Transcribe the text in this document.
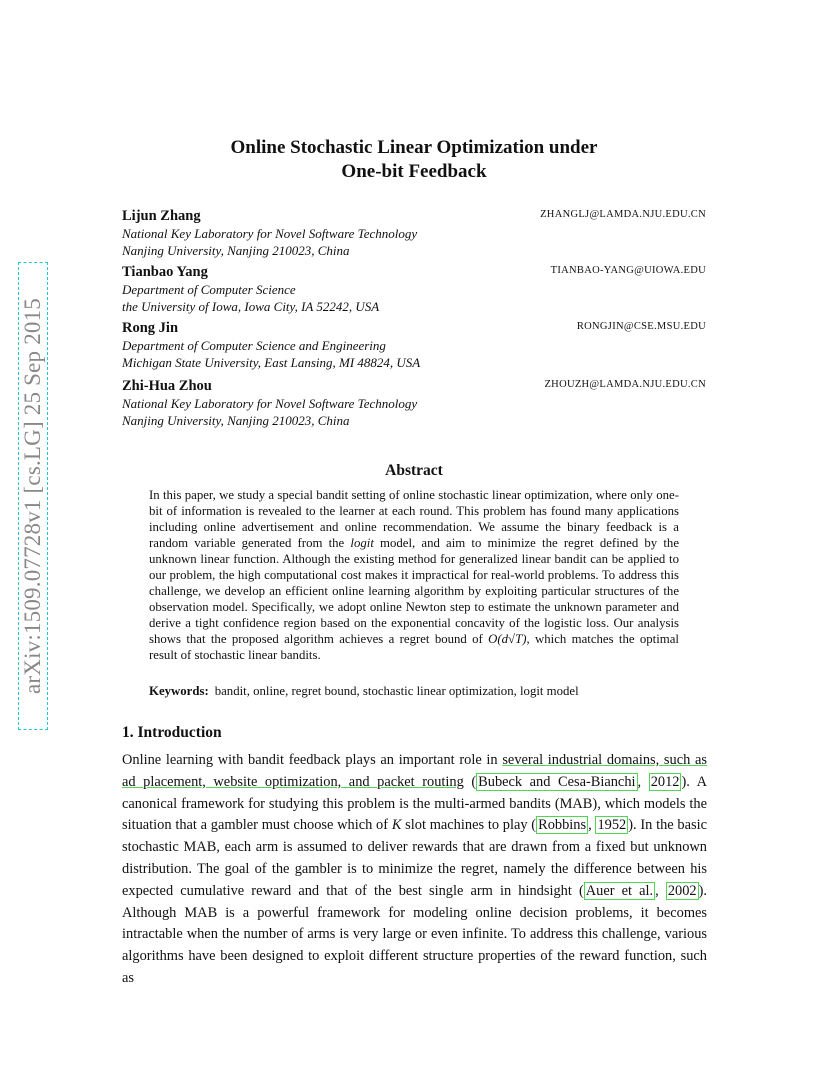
arXiv:1509.07728v1 [cs.LG] 25 Sep 2015
Online Stochastic Linear Optimization under
One-bit Feedback
Lijun Zhang	ZHANGLJ@LAMDA.NJU.EDU.CN
National Key Laboratory for Novel Software Technology
Nanjing University, Nanjing 210023, China
Tianbao Yang	TIANBAO-YANG@UIOWA.EDU
Department of Computer Science
the University of Iowa, Iowa City, IA 52242, USA
Rong Jin	RONGJIN@CSE.MSU.EDU
Department of Computer Science and Engineering
Michigan State University, East Lansing, MI 48824, USA
Zhi-Hua Zhou	ZHOUZH@LAMDA.NJU.EDU.CN
National Key Laboratory for Novel Software Technology
Nanjing University, Nanjing 210023, China
Abstract
In this paper, we study a special bandit setting of online stochastic linear optimization, where only one-bit of information is revealed to the learner at each round. This problem has found many applications including online advertisement and online recommendation. We assume the binary feedback is a random variable generated from the logit model, and aim to minimize the regret defined by the unknown linear function. Although the existing method for generalized linear bandit can be applied to our problem, the high computational cost makes it impractical for real-world problems. To address this challenge, we develop an efficient online learning algorithm by exploiting particular structures of the observation model. Specifically, we adopt online Newton step to estimate the unknown parameter and derive a tight confidence region based on the exponential concavity of the logistic loss. Our analysis shows that the proposed algorithm achieves a regret bound of O(d√T), which matches the optimal result of stochastic linear bandits.
Keywords: bandit, online, regret bound, stochastic linear optimization, logit model
1. Introduction
Online learning with bandit feedback plays an important role in several industrial domains, such as ad placement, website optimization, and packet routing ( Bubeck and Cesa-Bianchi , 2012 ). A canonical framework for studying this problem is the multi-armed bandits (MAB), which models the situation that a gambler must choose which of K slot machines to play ( Robbins , 1952 ). In the basic stochastic MAB, each arm is assumed to deliver rewards that are drawn from a fixed but unknown distribution. The goal of the gambler is to minimize the regret, namely the difference between his expected cumulative reward and that of the best single arm in hindsight ( Auer et al. , 2002 ). Although MAB is a powerful framework for modeling online decision problems, it becomes intractable when the number of arms is very large or even infinite. To address this challenge, various algorithms have been designed to exploit different structure properties of the reward function, such as
